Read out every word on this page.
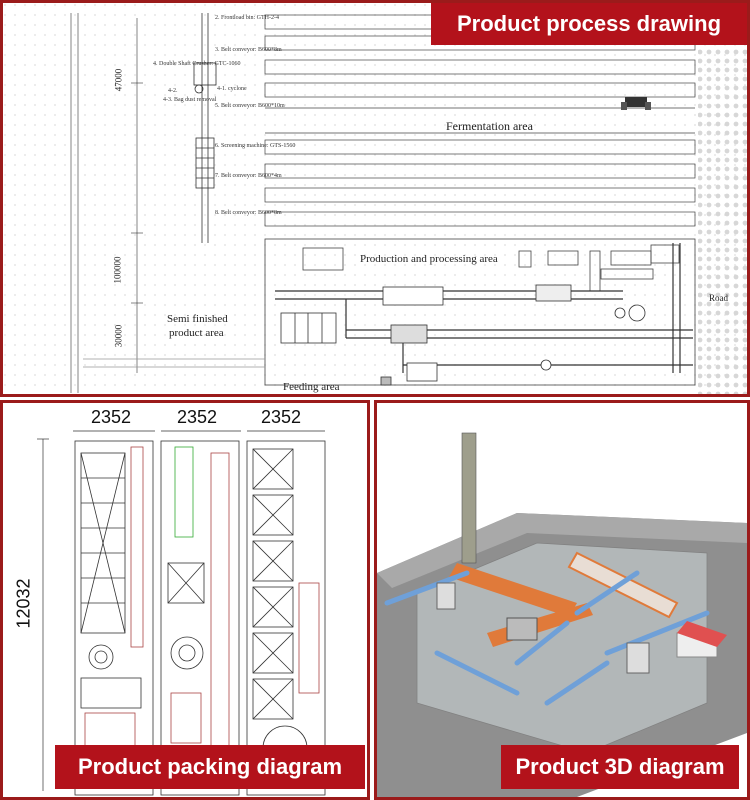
47000
100000
30000
2. Frontload bin: GTH-2-4
3. Belt conveyor: B600*8m
4. Double Shaft Crusher: GTC-1060
4-1. cyclone
4-2.
4-3. Bag dust removal
5. Belt conveyor: B600*10m
6. Screening machine: GTS-1560
7. Belt conveyor: B600*4m
8. Belt conveyor: B600*8m
Fermentation area
Production and processing area
Semi finished
product area
Feeding area
Road
Product process drawing
2352	2352 2352
12032
Product packing diagram	Product 3D diagram
